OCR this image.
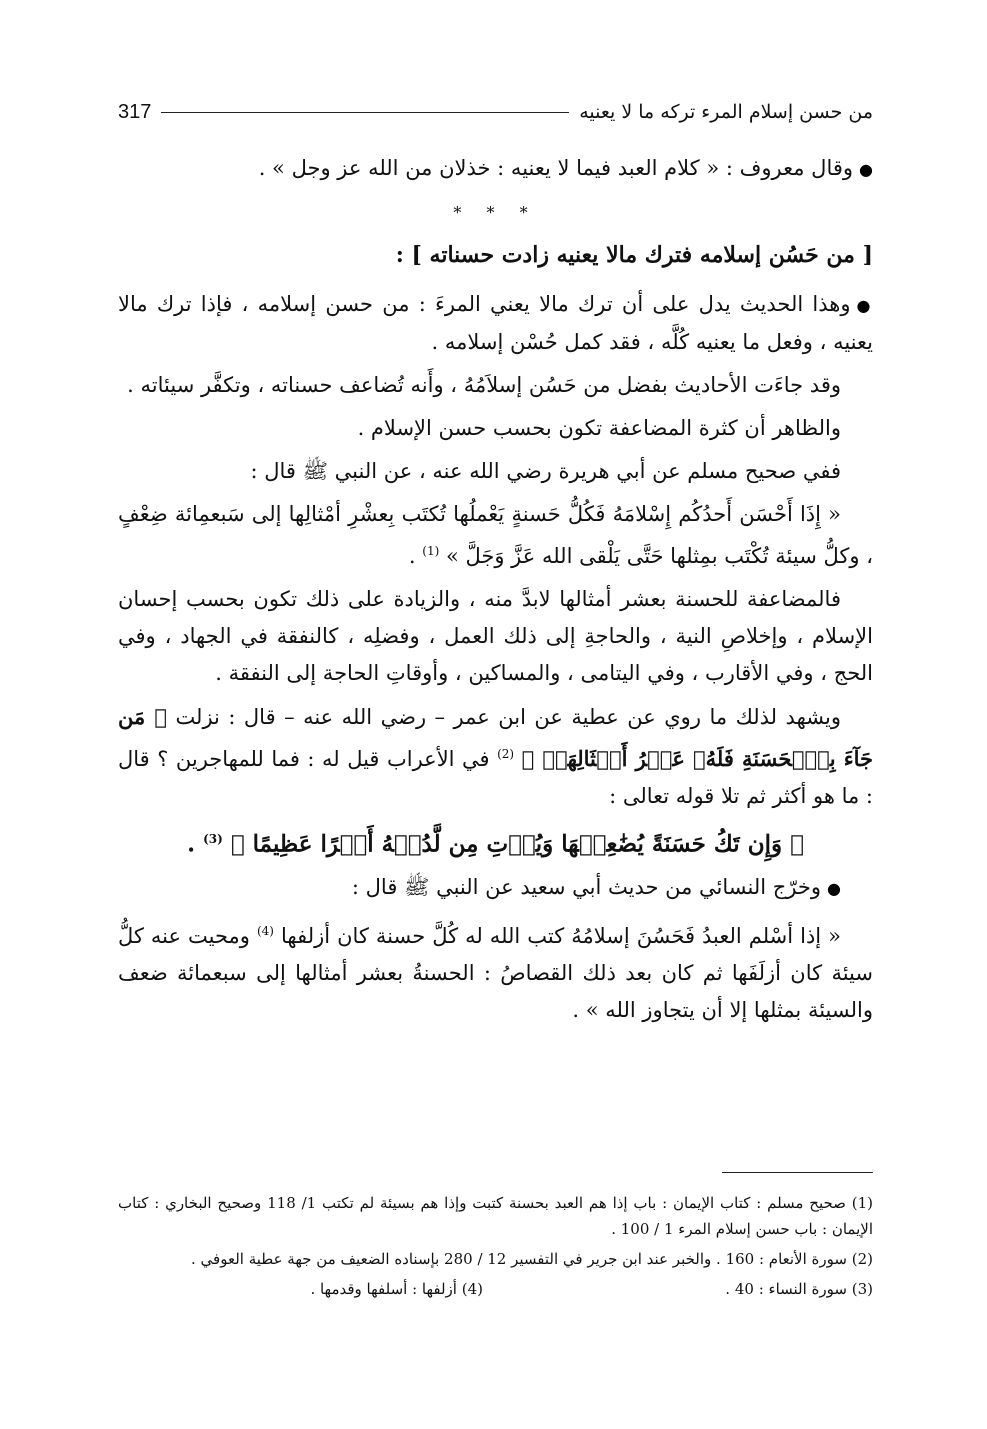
من حسن إسلام المرء تركه ما لا يعنيه
317

●وقال معروف : « كلام العبد فيما لا يعنيه : خذلان من الله عز وجل » .

* * *

[ من حَسُن إسلامه فترك مالا يعنيه زادت حسناته ] :

●وهذا الحديث يدل على أن ترك مالا يعني المرءَ : من حسن إسلامه ، فإذا ترك مالا يعنيه ، وفعل ما يعنيه كُلَّه ، فقد كمل حُسْن إسلامه .

وقد جاءَت الأحاديث بفضل من حَسُن إسلاَمُهُ ، وأَنه تُضاعف حسناته ، وتكفَّر سيئاته .

والظاهر أن كثرة المضاعفة تكون بحسب حسن الإسلام .

ففي صحيح مسلم عن أبي هريرة رضي الله عنه ، عن النبي ﷺ قال :

« إِذَا أَحْسَن أَحدُكُم إِسْلامَهُ فَكُلُّ حَسنةٍ يَعْملُها تُكتَب بِعشْرِ أمْثالِها إلى سَبعمِائة ضِعْفٍ ، وكلُّ سيئة تُكْتَب بمِثلها حَتَّى يَلْقى الله عَزَّ وَجَلَّ » $^{(1)}$ .

فالمضاعفة للحسنة بعشر أمثالها لابدَّ منه ، والزيادة على ذلك تكون بحسب إحسان الإسلام ، وإخلاصِ النية ، والحاجةِ إلى ذلك العمل ، وفضلِه ، كالنفقة في الجهاد ، وفي الحج ، وفي الأقارب ، وفي اليتامى ، والمساكين ، وأوقاتِ الحاجة إلى النفقة .

ويشهد لذلك ما روي عن عطية عن ابن عمر – رضي الله عنه – قال : نزلت ﴿ مَن جَآءَ بِٱلۡحَسَنَةِ فَلَهُۥ عَشۡرُ أَمۡثَالِهَاۖ ﴾ $^{(2)}$ في الأعراب قيل له : فما للمهاجرين ؟ قال : ما هو أكثر ثم تلا قوله تعالى :

﴿ وَإِن تَكُ حَسَنَةً يُضَٰعِفۡهَا وَيُؤۡتِ مِن لَّدُنۡهُ أَجۡرًا عَظِيمًا ﴾ $^{(3)}$ .

●وخرّج النسائي من حديث أبي سعيد عن النبي ﷺ قال :

« إذا أسْلم العبدُ فَحَسُنَ إسلامُهُ كتب الله له كُلَّ حسنة كان أزلفها $^{(4)}$ ومحيت عنه كلُّ سيئة كان أزلَفَها ثم كان بعد ذلك القصاصُ : الحسنةُ بعشر أمثالها إلى سبعمائة ضعف والسيئة بمثلها إلا أن يتجاوز الله » .

(1) صحيح مسلم : كتاب الإيمان : باب إذا هم العبد بحسنة كتبت وإذا هم بسيئة لم تكتب 1/ 118 وصحيح البخاري : كتاب الإيمان : باب حسن إسلام المرء 1 / 100 .

(2) سورة الأنعام : 160 . والخبر عند ابن جرير في التفسير 12 / 280 بإسناده الضعيف من جهة عطية العوفي .

(3) سورة النساء : 40 .
(4) أزلفها : أسلفها وقدمها .
